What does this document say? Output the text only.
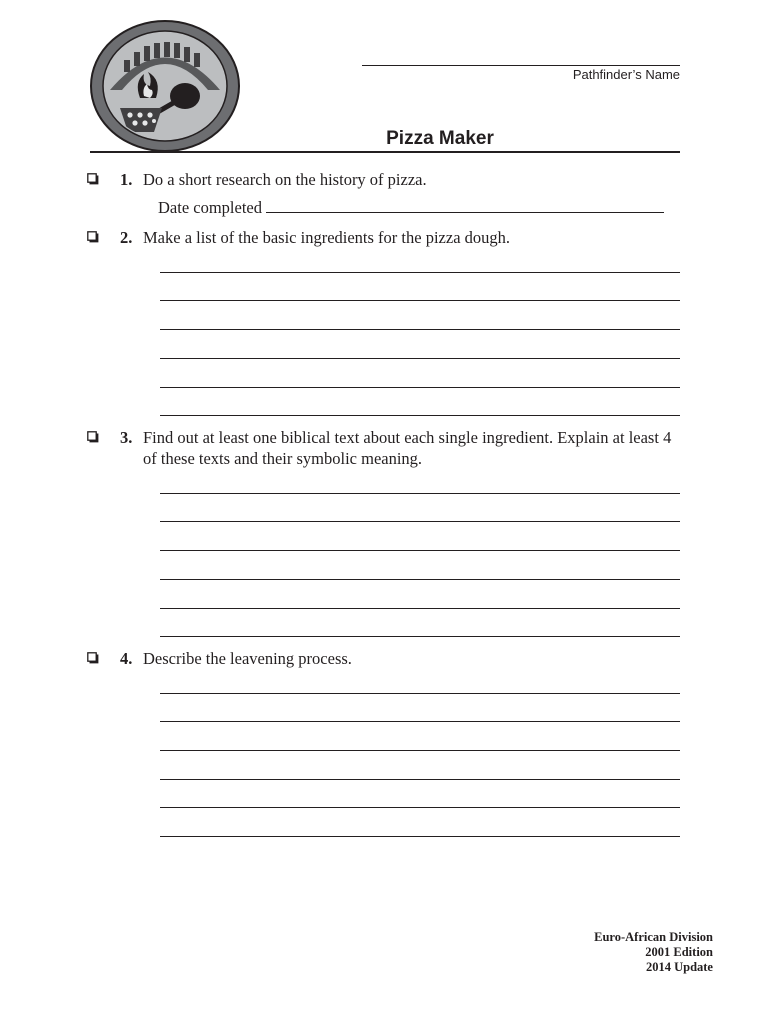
Pathfinder’s Name
Pizza Maker
1. Do a short research on the history of pizza.
Date completed
2. Make a list of the basic ingredients for the pizza dough.
3. Find out at least one biblical text about each single ingredient. Explain at least 4 of these texts and their symbolic meaning.
4. Describe the leavening process.
Euro-African Division
2001 Edition
2014 Update
